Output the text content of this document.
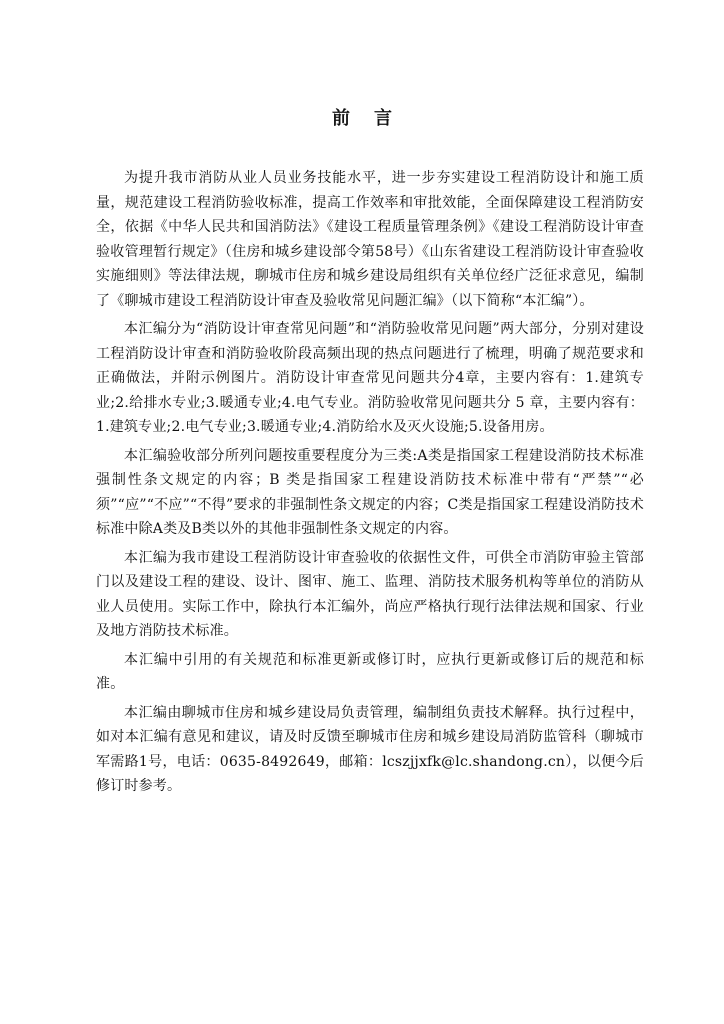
前 言

为提升我市消防从业人员业务技能水平，进一步夯实建设工程消防设计和施工质量，规范建设工程消防验收标准，提高工作效率和审批效能，全面保障建设工程消防安全，依据《中华人民共和国消防法》《建设工程质量管理条例》《建设工程消防设计审查验收管理暂行规定》（住房和城乡建设部令第58号）《山东省建设工程消防设计审查验收实施细则》等法律法规，聊城市住房和城乡建设局组织有关单位经广泛征求意见，编制了《聊城市建设工程消防设计审查及验收常见问题汇编》（以下简称“本汇编”）。

本汇编分为“消防设计审查常见问题”和“消防验收常见问题”两大部分，分别对建设工程消防设计审查和消防验收阶段高频出现的热点问题进行了梳理，明确了规范要求和正确做法，并附示例图片。消防设计审查常见问题共分4章，主要内容有：1.建筑专业;2.给排水专业;3.暖通专业;4.电气专业。消防验收常见问题共分 5 章，主要内容有：1.建筑专业;2.电气专业;3.暖通专业;4.消防给水及灭火设施;5.设备用房。

本汇编验收部分所列问题按重要程度分为三类:A类是指国家工程建设消防技术标准强制性条文规定的内容；B 类是指国家工程建设消防技术标准中带有“严禁”“必须”“应”“不应”“不得”要求的非强制性条文规定的内容；C类是指国家工程建设消防技术标准中除A类及B类以外的其他非强制性条文规定的内容。

本汇编为我市建设工程消防设计审查验收的依据性文件，可供全市消防审验主管部门以及建设工程的建设、设计、图审、施工、监理、消防技术服务机构等单位的消防从业人员使用。实际工作中，除执行本汇编外，尚应严格执行现行法律法规和国家、行业及地方消防技术标准。

本汇编中引用的有关规范和标准更新或修订时，应执行更新或修订后的规范和标准。

本汇编由聊城市住房和城乡建设局负责管理，编制组负责技术解释。执行过程中，如对本汇编有意见和建议，请及时反馈至聊城市住房和城乡建设局消防监管科（聊城市军需路1号，电话：0635-8492649，邮箱：lcszjjxfk@lc.shandong.cn），以便今后修订时参考。
